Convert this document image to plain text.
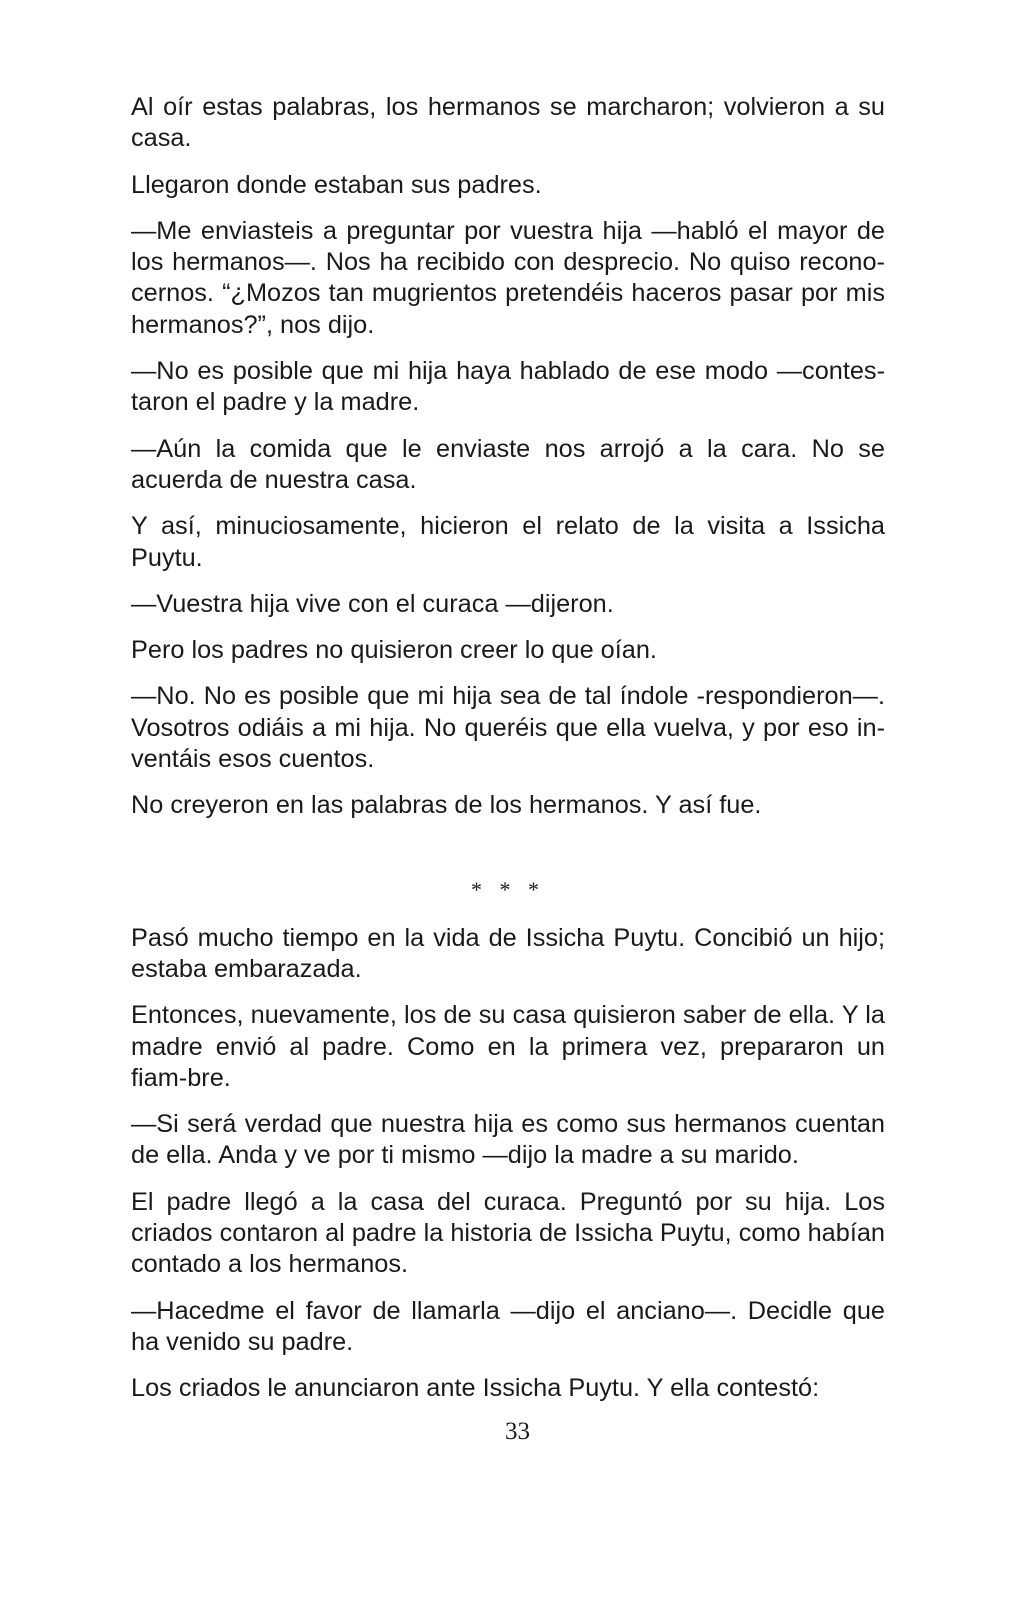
Al oír estas palabras, los hermanos se marcharon; volvieron a su casa.

Llegaron donde estaban sus padres.

—Me enviasteis a preguntar por vuestra hija —habló el mayor de los hermanos—. Nos ha recibido con desprecio. No quiso recono-cernos. “¿Mozos tan mugrientos pretendéis haceros pasar por mis hermanos?”, nos dijo.

—No es posible que mi hija haya hablado de ese modo —contes-taron el padre y la madre.

—Aún la comida que le enviaste nos arrojó a la cara. No se acuerda de nuestra casa.

Y así, minuciosamente, hicieron el relato de la visita a Issicha Puytu.

—Vuestra hija vive con el curaca —dijeron.

Pero los padres no quisieron creer lo que oían.

—No. No es posible que mi hija sea de tal índole -respondieron—. Vosotros odiáis a mi hija. No queréis que ella vuelva, y por eso in-ventáis esos cuentos.

No creyeron en las palabras de los hermanos. Y así fue.

* * *

Pasó mucho tiempo en la vida de Issicha Puytu. Concibió un hijo; estaba embarazada.

Entonces, nuevamente, los de su casa quisieron saber de ella. Y la madre envió al padre. Como en la primera vez, prepararon un fiam-bre.

—Si será verdad que nuestra hija es como sus hermanos cuentan de ella. Anda y ve por ti mismo —dijo la madre a su marido.

El padre llegó a la casa del curaca. Preguntó por su hija. Los criados contaron al padre la historia de Issicha Puytu, como habían contado a los hermanos.

—Hacedme el favor de llamarla —dijo el anciano—. Decidle que ha venido su padre.

Los criados le anunciaron ante Issicha Puytu. Y ella contestó:

33
